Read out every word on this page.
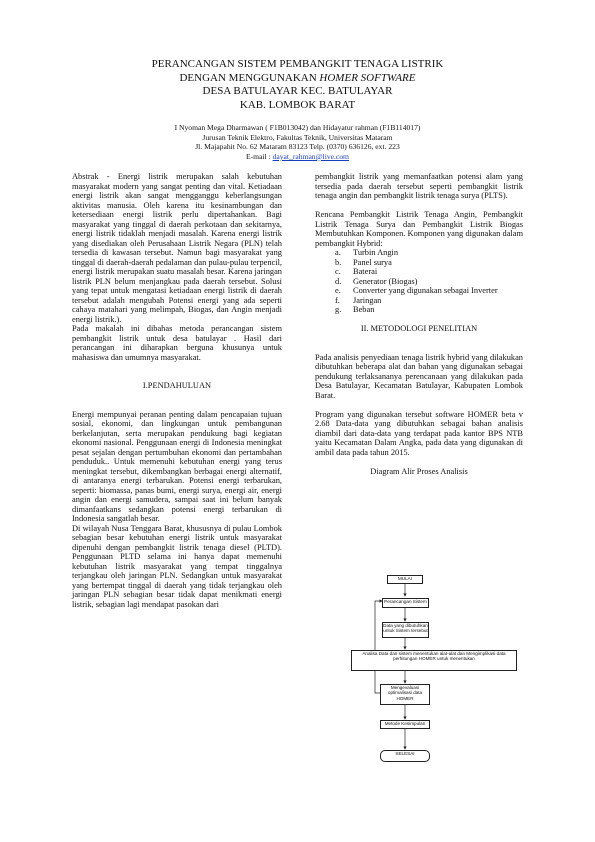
PERANCANGAN SISTEM PEMBANGKIT TENAGA LISTRIK
DENGAN MENGGUNAKAN HOMER SOFTWARE
DESA BATULAYAR KEC. BATULAYAR
KAB. LOMBOK BARAT
I Nyoman Mega Dharmawan ( F1B013042) dan Hidayatur rahman (F1B114017)
Jurusan Teknik Elektro, Fakultas Teknik, Universitas Mataram
Jl. Majapahit No. 62 Mataram 83123 Telp. (0370) 636126, ext. 223
E-mail : dayat_rahman@live.com

Abstrak - Energi listrik merupakan salah kebutuhan masyarakat modern yang sangat penting dan vital. Ketiadaan energi listrik akan sangat mengganggu keberlangsungan aktivitas manusia. Oleh karena itu kesinambungan dan ketersediaan energi listrik perlu dipertahankan. Bagi masyarakat yang tinggal di daerah perkotaan dan sekitarnya, energi listrik tidaklah menjadi masalah. Karena energi listrik yang disediakan oleh Perusahaan Listrik Negara (PLN) telah tersedia di kawasan tersebut. Namun bagi masyarakat yang tinggal di daerah-daerah pedalaman dan pulau-pulau terpencil, energi listrik merupakan suatu masalah besar. Karena jaringan listrik PLN belum menjangkau pada daerah tersebut. Solusi yang tepat untuk mengatasi ketiadaan energi listrik di daerah tersebut adalah mengubah Potensi energi yang ada seperti cahaya matahari yang melimpah, Biogas, dan Angin menjadi energi listrik.).

Pada makalah ini dibahas metoda perancangan sistem pembangkit listrik untuk desa batulayar . Hasil dari perancangan ini diharapkan berguna khusunya untuk mahasiswa dan umumnya masyarakat.

I.PENDAHULUAN

Energi mempunyai peranan penting dalam pencapaian tujuan sosial, ekonomi, dan lingkungan untuk pembangunan berkelanjutan, serta merupakan pendukung bagi kegiatan ekonomi nasional. Penggunaan energi di Indonesia meningkat pesat sejalan dengan pertumbuhan ekonomi dan pertambahan penduduk.. Untuk memenuhi kebutuhan energi yang terus meningkat tersebut, dikembangkan berbagai energi alternatif, di antaranya energi terbarukan. Potensi energi terbarukan, seperti: biomassa, panas bumi, energi surya, energi air, energi angin dan energi samudera, sampai saat ini belum banyak dimanfaatkans sedangkan potensi energi terbarukan di Indonesia sangatlah besar.

Di wilayah Nusa Tenggara Barat, khususnya di pulau Lombok sebagian besar kebutuhan energi listrik untuk masyarakat dipenuhi dengan pembangkit listrik tenaga diesel (PLTD). Penggunaan PLTD selama ini hanya dapat memenuhi kebutuhan listrik masyarakat yang tempat tinggalnya terjangkau oleh jaringan PLN. Sedangkan untuk masyarakat yang bertempat tinggal di daerah yang tidak terjangkau oleh jaringan PLN sebagian besar tidak dapat menikmati energi listrik, sebagian lagi mendapat pasokan dari

pembangkit listrik yang memanfaatkan potensi alam yang tersedia pada daerah tersebut seperti pembangkit listrik tenaga angin dan pembangkit listrik tenaga surya (PLTS).

Rencana Pembangkit Listrik Tenaga Angin, Pembangkit Listrik Tenaga Surya dan Pembangkit Listrik Biogas Membutuhkan Komponen. Komponen yang digunakan dalam pembangkit Hybrid:

a.	Turbin Angin
b.	Panel surya
c.	Baterai
d.	Generator (Biogas)
e.	Converter yang digunakan sebagai Inverter
f.	Jaringan
g.	Beban

II. METODOLOGI PENELITIAN

Pada analisis penyediaan tenaga listrik hybrid yang dilakukan dibutuhkan beberapa alat dan bahan yang digunakan sebagai pendukung terlaksananya perencanaan yang dilakukan pada Desa Batulayar, Kecamatan Batulayar, Kabupaten Lombok Barat.

Program yang digunakan tersebut software HOMER beta v 2.68 Data-data yang dibutuhkan sebagai bahan analisis diambil dari data-data yang terdapat pada kantor BPS NTB yaitu Kecamatan Dalam Angka, pada data yang digunakan di ambil data pada tahun 2015.

Diagram Alir Proses Analisis

MULAI
Perancangan Sistem
Data yang dibutuhkan untuk Sistem tersebut
Analisa Data dan sistem menentukan alat-alat dan Mengimplikasi data perhitungan HOMER untuk menentukan
Mengevaluasi optimalisasi data HOMER
Metode Kesimpulan
SELESAI
